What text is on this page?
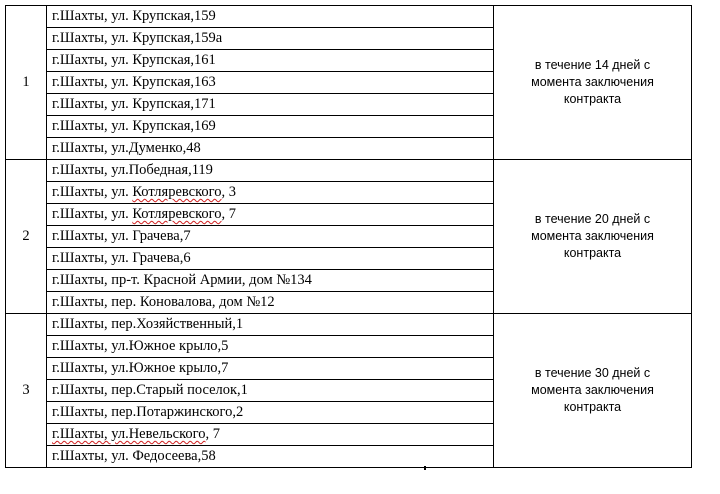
1	г.Шахты, ул. Крупская,159	в течение 14 дней с момента заключения контракта
	г.Шахты, ул. Крупская,159а	
	г.Шахты, ул. Крупская,161	
	г.Шахты, ул. Крупская,163	
	г.Шахты, ул. Крупская,171	
	г.Шахты, ул. Крупская,169	
	г.Шахты, ул.Думенко,48	
2	г.Шахты, ул.Победная,119	в течение 20 дней с момента заключения контракта
	г.Шахты, ул. Котляревского, 3	
	г.Шахты, ул. Котляревского, 7	
	г.Шахты, ул. Грачева,7	
	г.Шахты, ул. Грачева,6	
	г.Шахты, пр-т. Красной Армии, дом №134	
	г.Шахты, пер. Коновалова, дом №12	
3	г.Шахты, пер.Хозяйственный,1	в течение 30 дней с момента заключения контракта
	г.Шахты, ул.Южное крыло,5	
	г.Шахты, ул.Южное крыло,7	
	г.Шахты, пер.Старый поселок,1	
	г.Шахты, пер.Потаржинского,2	
	г.Шахты, ул.Невельского, 7	
	г.Шахты, ул. Федосеева,58	
